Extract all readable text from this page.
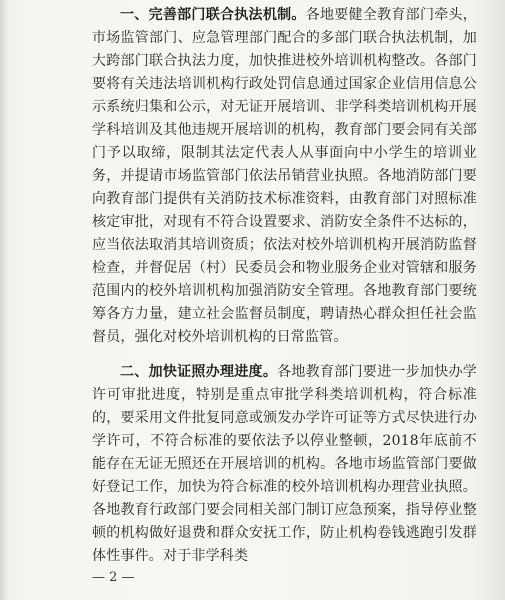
一、完善部门联合执法机制。各地要健全教育部门牵头，市场监管部门、应急管理部门配合的多部门联合执法机制，加大跨部门联合执法力度，加快推进校外培训机构整改。各部门要将有关违法培训机构行政处罚信息通过国家企业信用信息公示系统归集和公示，对无证开展培训、非学科类培训机构开展学科培训及其他违规开展培训的机构，教育部门要会同有关部门予以取缔，限制其法定代表人从事面向中小学生的培训业务，并提请市场监管部门依法吊销营业执照。各地消防部门要向教育部门提供有关消防技术标准资料，由教育部门对照标准核定审批，对现有不符合设置要求、消防安全条件不达标的，应当依法取消其培训资质；依法对校外培训机构开展消防监督检查，并督促居（村）民委员会和物业服务企业对管辖和服务范围内的校外培训机构加强消防安全管理。各地教育部门要统筹各方力量，建立社会监督员制度，聘请热心群众担任社会监督员，强化对校外培训机构的日常监管。

二、加快证照办理进度。各地教育部门要进一步加快办学许可审批进度，特别是重点审批学科类培训机构，符合标准的，要采用文件批复同意或颁发办学许可证等方式尽快进行办学许可，不符合标准的要依法予以停业整顿，2018年底前不能存在无证无照还在开展培训的机构。各地市场监管部门要做好登记工作，加快为符合标准的校外培训机构办理营业执照。各地教育行政部门要会同相关部门制订应急预案，指导停业整顿的机构做好退费和群众安抚工作，防止机构卷钱逃跑引发群体性事件。对于非学科类

— 2 —
